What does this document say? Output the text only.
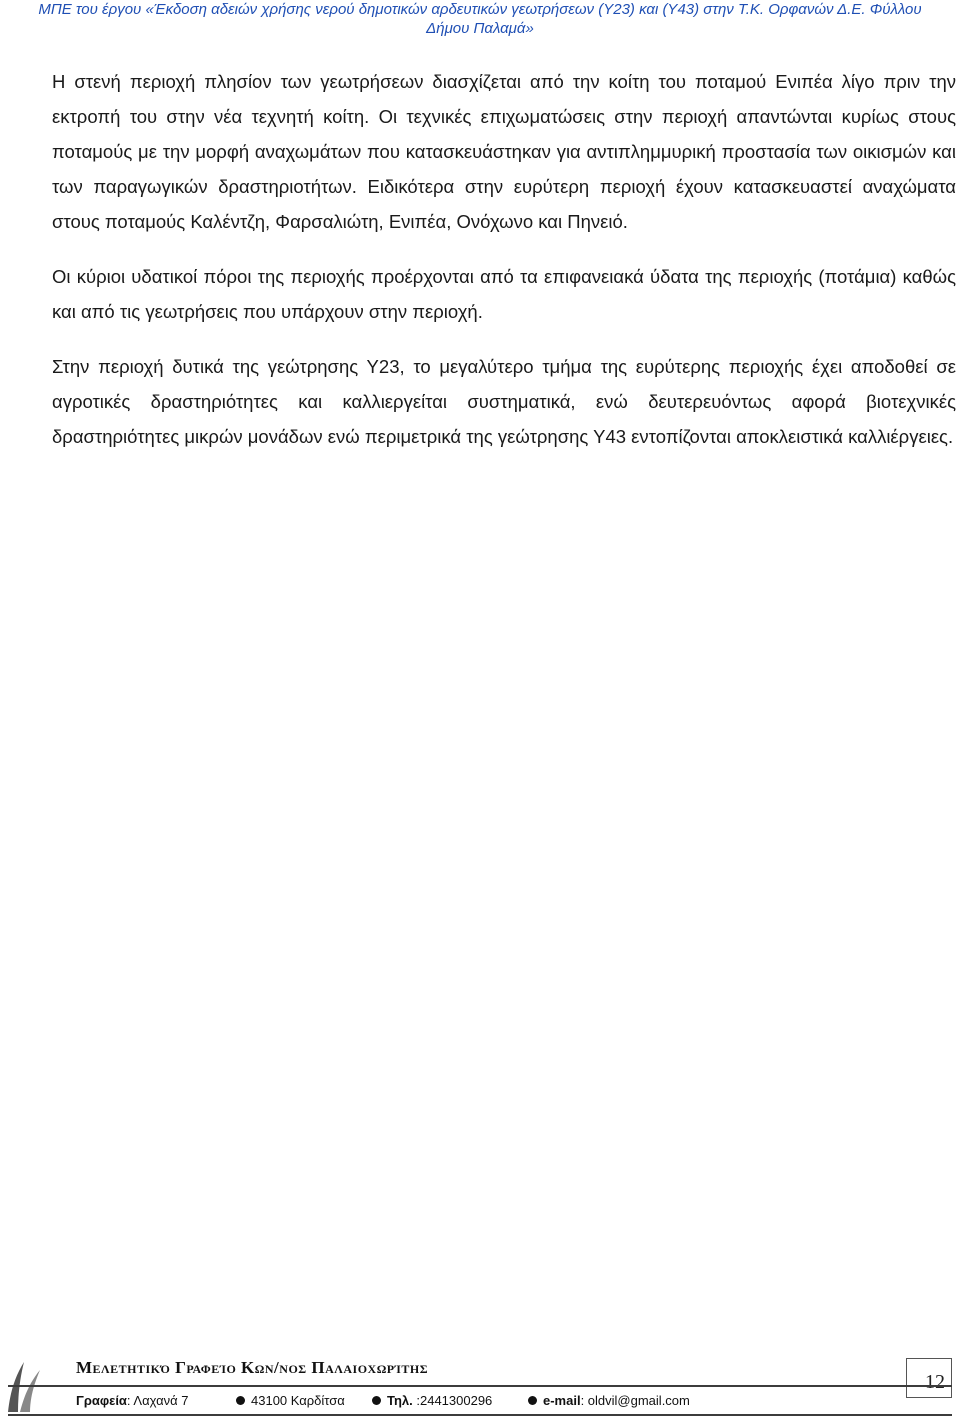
ΜΠΕ του έργου «Έκδοση αδειών χρήσης νερού δημοτικών αρδευτικών γεωτρήσεων (Υ23) και (Υ43) στην Τ.Κ. Ορφανών Δ.Ε. Φύλλου
Δήμου Παλαμά»

Η στενή περιοχή πλησίον των γεωτρήσεων διασχίζεται από την κοίτη του ποταμού Ενιπέα λίγο πριν την εκτροπή του στην νέα τεχνητή κοίτη. Οι τεχνικές επιχωματώσεις στην περιοχή απαντώνται κυρίως στους ποταμούς με την μορφή αναχωμάτων που κατασκευάστηκαν για αντιπλημμυρική προστασία των οικισμών και των παραγωγικών δραστηριοτήτων. Ειδικότερα στην ευρύτερη περιοχή έχουν κατασκευαστεί αναχώματα στους ποταμούς Καλέντζη, Φαρσαλιώτη, Ενιπέα, Ονόχωνο και Πηνειό.

Οι κύριοι υδατικοί πόροι της περιοχής προέρχονται από τα επιφανειακά ύδατα της περιοχής (ποτάμια) καθώς και από τις γεωτρήσεις που υπάρχουν στην περιοχή.

Στην περιοχή δυτικά της γεώτρησης Υ23, το μεγαλύτερο τμήμα της ευρύτερης περιοχής έχει αποδοθεί σε αγροτικές δραστηριότητες και καλλιεργείται συστηματικά, ενώ δευτερευόντως αφορά βιοτεχνικές δραστηριότητες μικρών μονάδων ενώ περιμετρικά της γεώτρησης Υ43 εντοπίζονται αποκλειστικά καλλιέργειες.

Μελετητικό Γραφείο Κων/νος Παλαιοχωρίτης
12
Γραφεία: Λαχανά 7	43100 Καρδίτσα	Τηλ. :2441300296	e-mail: oldvil@gmail.com
